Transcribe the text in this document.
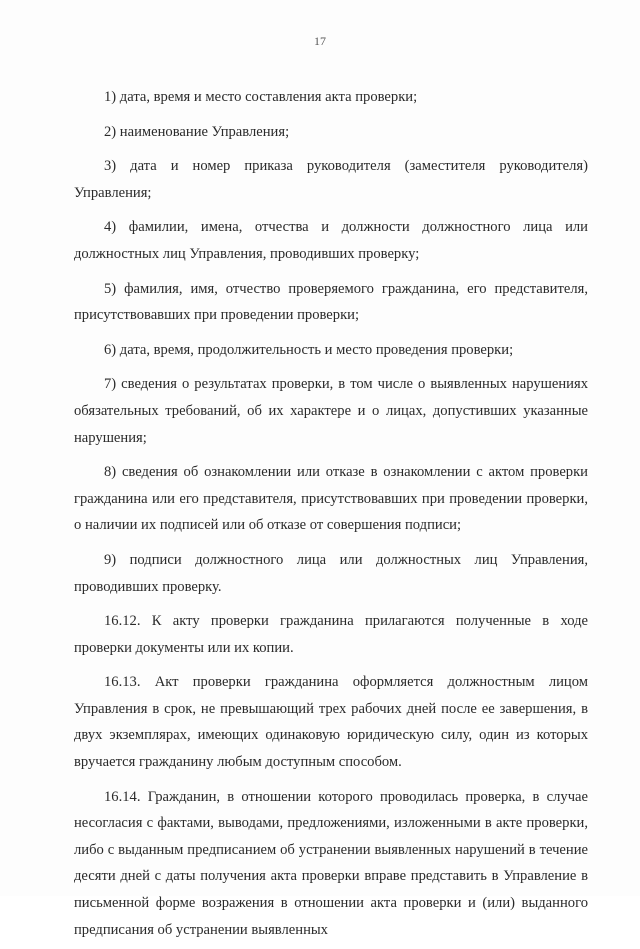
17

1) дата, время и место составления акта проверки;

2) наименование Управления;

3) дата и номер приказа руководителя (заместителя руководителя) Управления;

4) фамилии, имена, отчества и должности должностного лица или должностных лиц Управления, проводивших проверку;

5) фамилия, имя, отчество проверяемого гражданина, его представителя, присутствовавших при проведении проверки;

6) дата, время, продолжительность и место проведения проверки;

7) сведения о результатах проверки, в том числе о выявленных нарушениях обязательных требований, об их характере и о лицах, допустивших указанные нарушения;

8) сведения об ознакомлении или отказе в ознакомлении с актом проверки гражданина или его представителя, присутствовавших при проведении проверки, о наличии их подписей или об отказе от совершения подписи;

9) подписи должностного лица или должностных лиц Управления, проводивших проверку.

16.12. К акту проверки гражданина прилагаются полученные в ходе проверки документы или их копии.

16.13. Акт проверки гражданина оформляется должностным лицом Управления в срок, не превышающий трех рабочих дней после ее завершения, в двух экземплярах, имеющих одинаковую юридическую силу, один из которых вручается гражданину любым доступным способом.

16.14. Гражданин, в отношении которого проводилась проверка, в случае несогласия с фактами, выводами, предложениями, изложенными в акте проверки, либо с выданным предписанием об устранении выявленных нарушений в течение десяти дней с даты получения акта проверки вправе представить в Управление в письменной форме возражения в отношении акта проверки и (или) выданного предписания об устранении выявленных
